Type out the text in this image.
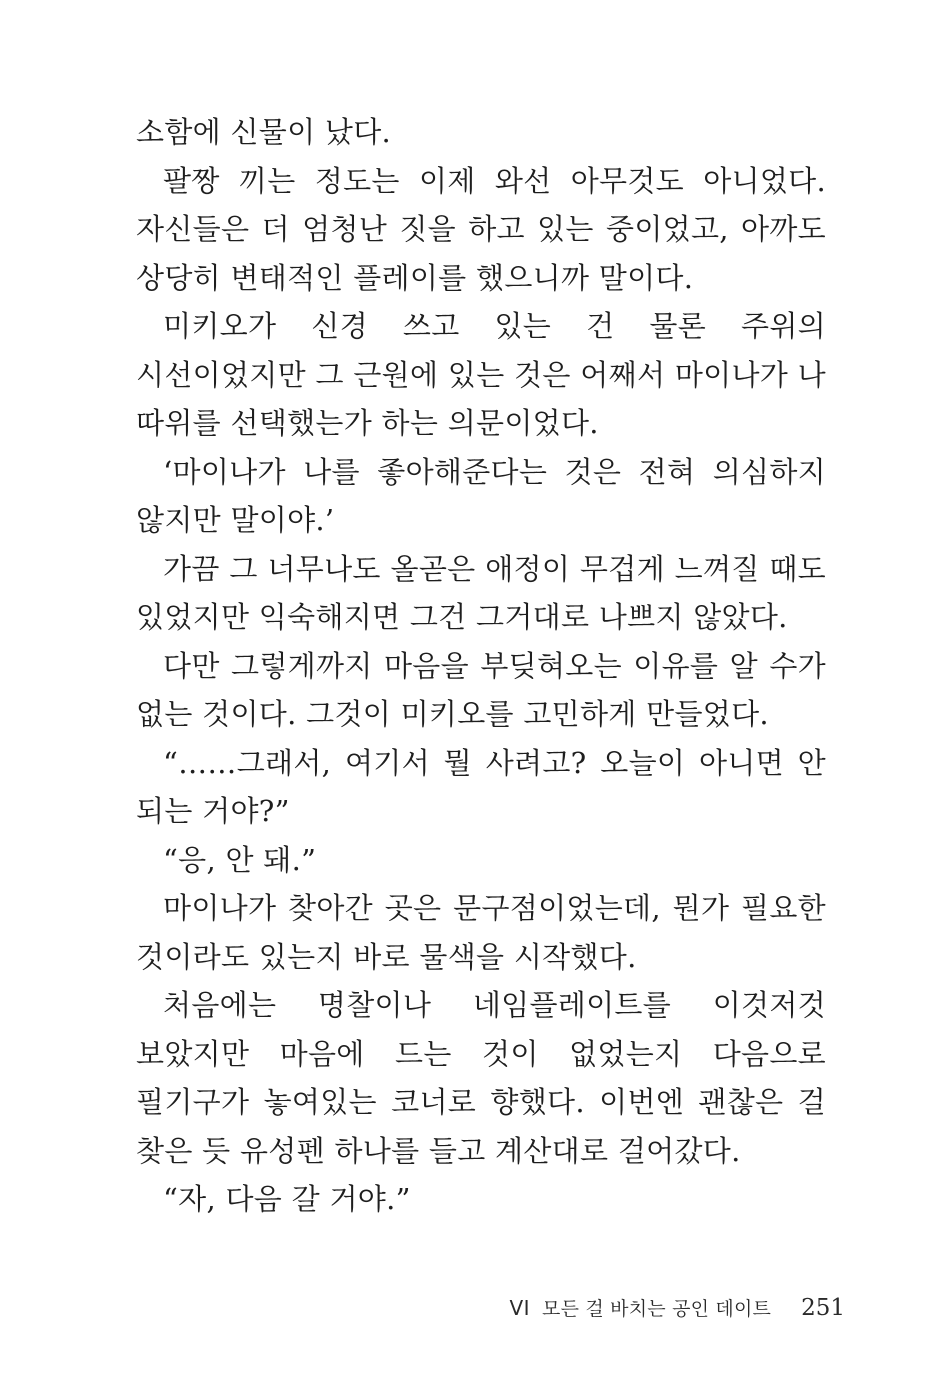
소함에 신물이 났다.

팔짱 끼는 정도는 이제 와선 아무것도 아니었다. 자신들은 더 엄청난 짓을 하고 있는 중이었고, 아까도 상당히 변태적인 플레이를 했으니까 말이다.

미키오가 신경 쓰고 있는 건 물론 주위의 시선이었지만 그 근원에 있는 것은 어째서 마이나가 나 따위를 선택했는가 하는 의문이었다.

‘마이나가 나를 좋아해준다는 것은 전혀 의심하지 않지만 말이야.’

가끔 그 너무나도 올곧은 애정이 무겁게 느껴질 때도 있었지만 익숙해지면 그건 그거대로 나쁘지 않았다.

다만 그렇게까지 마음을 부딪혀오는 이유를 알 수가 없는 것이다. 그것이 미키오를 고민하게 만들었다.

“……그래서, 여기서 뭘 사려고? 오늘이 아니면 안 되는 거야?”

“응, 안 돼.”

마이나가 찾아간 곳은 문구점이었는데, 뭔가 필요한 것이라도 있는지 바로 물색을 시작했다.

처음에는 명찰이나 네임플레이트를 이것저것 보았지만 마음에 드는 것이 없었는지 다음으로 필기구가 놓여있는 코너로 향했다. 이번엔 괜찮은 걸 찾은 듯 유성펜 하나를 들고 계산대로 걸어갔다.

“자, 다음 갈 거야.”

VI 모든 걸 바치는 공인 데이트 251
